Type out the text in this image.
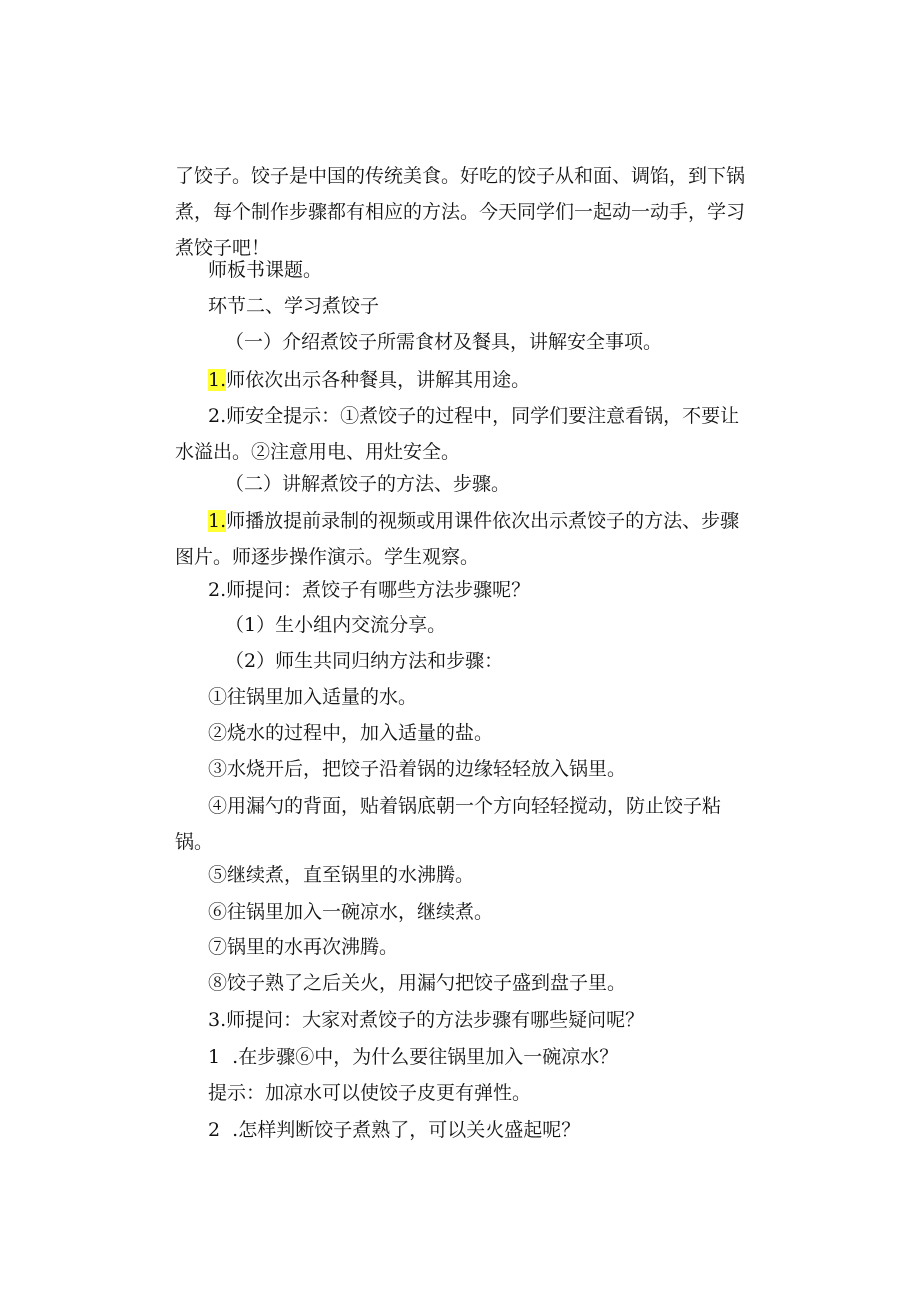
了饺子。饺子是中国的传统美食。好吃的饺子从和面、调馅，到下锅煮，每个制作步骤都有相应的方法。今天同学们一起动一动手，学习煮饺子吧！

师板书课题。

环节二、学习煮饺子

（一）介绍煮饺子所需食材及餐具，讲解安全事项。

1.师依次出示各种餐具，讲解其用途。

2.师安全提示：①煮饺子的过程中，同学们要注意看锅，不要让水溢出。②注意用电、用灶安全。

（二）讲解煮饺子的方法、步骤。

1.师播放提前录制的视频或用课件依次出示煮饺子的方法、步骤图片。师逐步操作演示。学生观察。

2.师提问：煮饺子有哪些方法步骤呢？

（1）生小组内交流分享。

（2）师生共同归纳方法和步骤：

①往锅里加入适量的水。

②烧水的过程中，加入适量的盐。

③水烧开后，把饺子沿着锅的边缘轻轻放入锅里。

④用漏勺的背面，贴着锅底朝一个方向轻轻搅动，防止饺子粘锅。

⑤继续煮，直至锅里的水沸腾。

⑥往锅里加入一碗凉水，继续煮。

⑦锅里的水再次沸腾。

⑧饺子熟了之后关火，用漏勺把饺子盛到盘子里。

3.师提问：大家对煮饺子的方法步骤有哪些疑问呢？

1  .在步骤⑥中，为什么要往锅里加入一碗凉水？

提示：加凉水可以使饺子皮更有弹性。

2  .怎样判断饺子煮熟了，可以关火盛起呢？
